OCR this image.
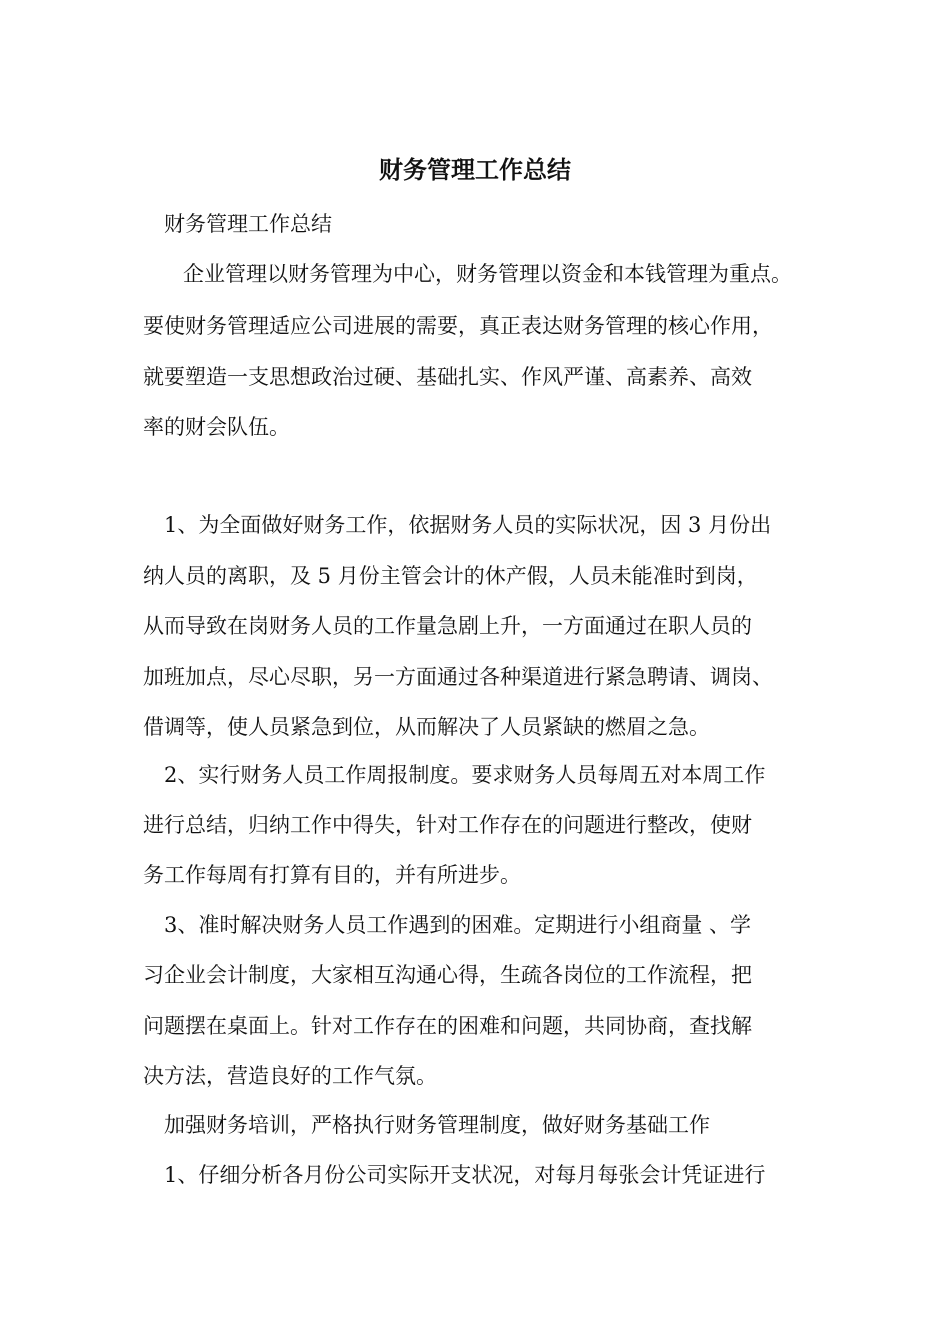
财务管理工作总结

财务管理工作总结

企业管理以财务管理为中心，财务管理以资金和本钱管理为重点。

要使财务管理适应公司进展的需要，真正表达财务管理的核心作用，

就要塑造一支思想政治过硬、基础扎实、作风严谨、高素养、高效

率的财会队伍。

1、为全面做好财务工作，依据财务人员的实际状况，因 3 月份出

纳人员的离职，及 5 月份主管会计的休产假，人员未能准时到岗，

从而导致在岗财务人员的工作量急剧上升，一方面通过在职人员的

加班加点，尽心尽职，另一方面通过各种渠道进行紧急聘请、调岗、

借调等，使人员紧急到位，从而解决了人员紧缺的燃眉之急。

2、实行财务人员工作周报制度。要求财务人员每周五对本周工作

进行总结，归纳工作中得失，针对工作存在的问题进行整改，使财

务工作每周有打算有目的，并有所进步。

3、准时解决财务人员工作遇到的困难。定期进行小组商量 、学

习企业会计制度，大家相互沟通心得，生疏各岗位的工作流程，把

问题摆在桌面上。针对工作存在的困难和问题，共同协商，查找解

决方法，营造良好的工作气氛。

加强财务培训，严格执行财务管理制度，做好财务基础工作

1、仔细分析各月份公司实际开支状况，对每月每张会计凭证进行
